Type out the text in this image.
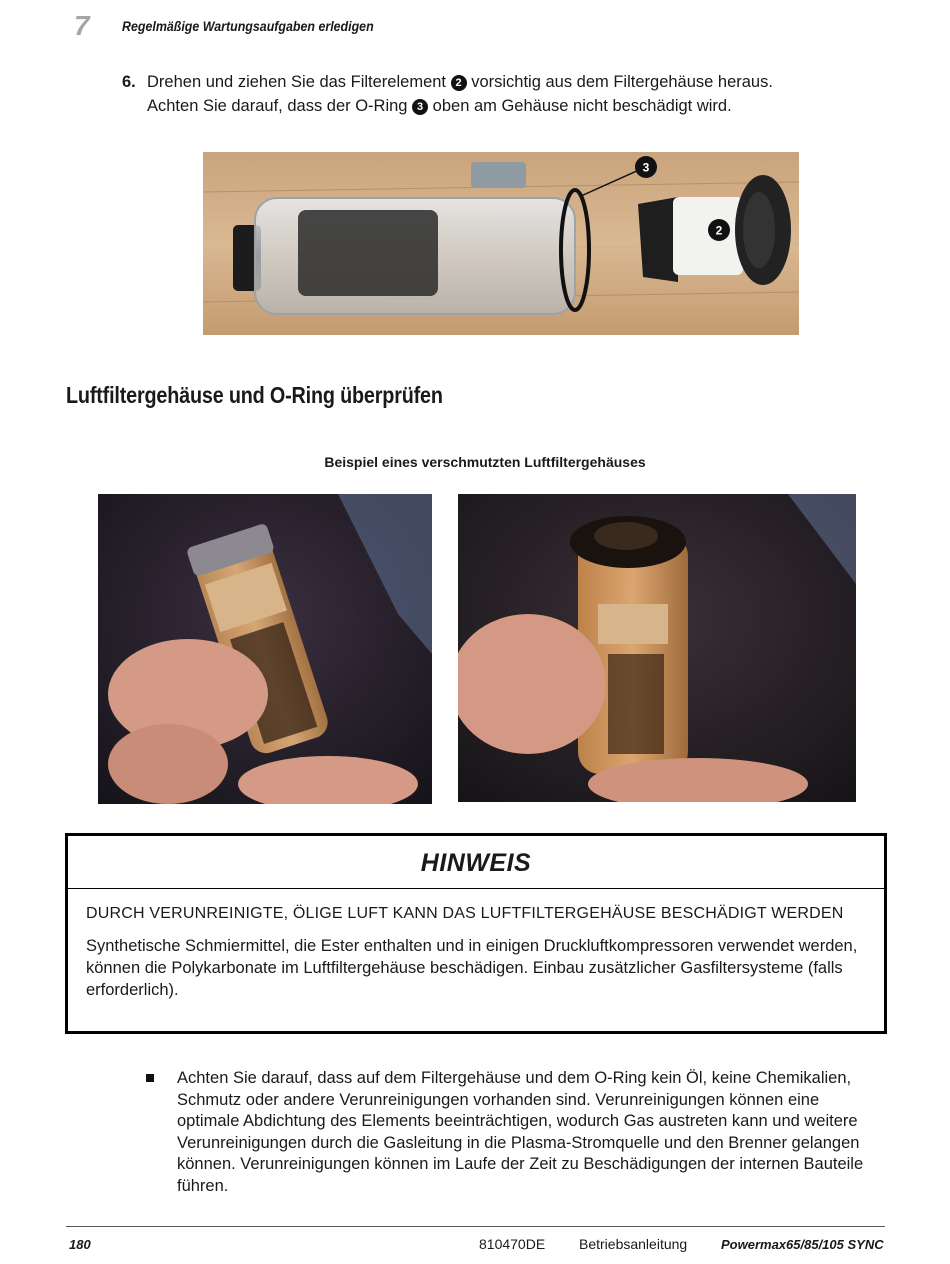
7 Regelmäßige Wartungsaufgaben erledigen
6. Drehen und ziehen Sie das Filterelement 2 vorsichtig aus dem Filtergehäuse heraus.
Achten Sie darauf, dass der O-Ring 3 oben am Gehäuse nicht beschädigt wird.
3
2
Luftfiltergehäuse und O-Ring überprüfen
Beispiel eines verschmutzten Luftfiltergehäuses
HINWEIS
DURCH VERUNREINIGTE, ÖLIGE LUFT KANN DAS LUFTFILTERGEHÄUSE BESCHÄDIGT WERDEN
Synthetische Schmiermittel, die Ester enthalten und in einigen Druckluftkompressoren verwendet werden, können die Polykarbonate im Luftfiltergehäuse beschädigen. Einbau zusätzlicher Gasfiltersysteme (falls erforderlich).
Achten Sie darauf, dass auf dem Filtergehäuse und dem O-Ring kein Öl, keine Chemikalien, Schmutz oder andere Verunreinigungen vorhanden sind. Verunreinigungen können eine optimale Abdichtung des Elements beeinträchtigen, wodurch Gas austreten kann und weitere Verunreinigungen durch die Gasleitung in die Plasma-Stromquelle und den Brenner gelangen können. Verunreinigungen können im Laufe der Zeit zu Beschädigungen der internen Bauteile führen.
180	810470DE Betriebsanleitung	Powermax65/85/105 SYNC
